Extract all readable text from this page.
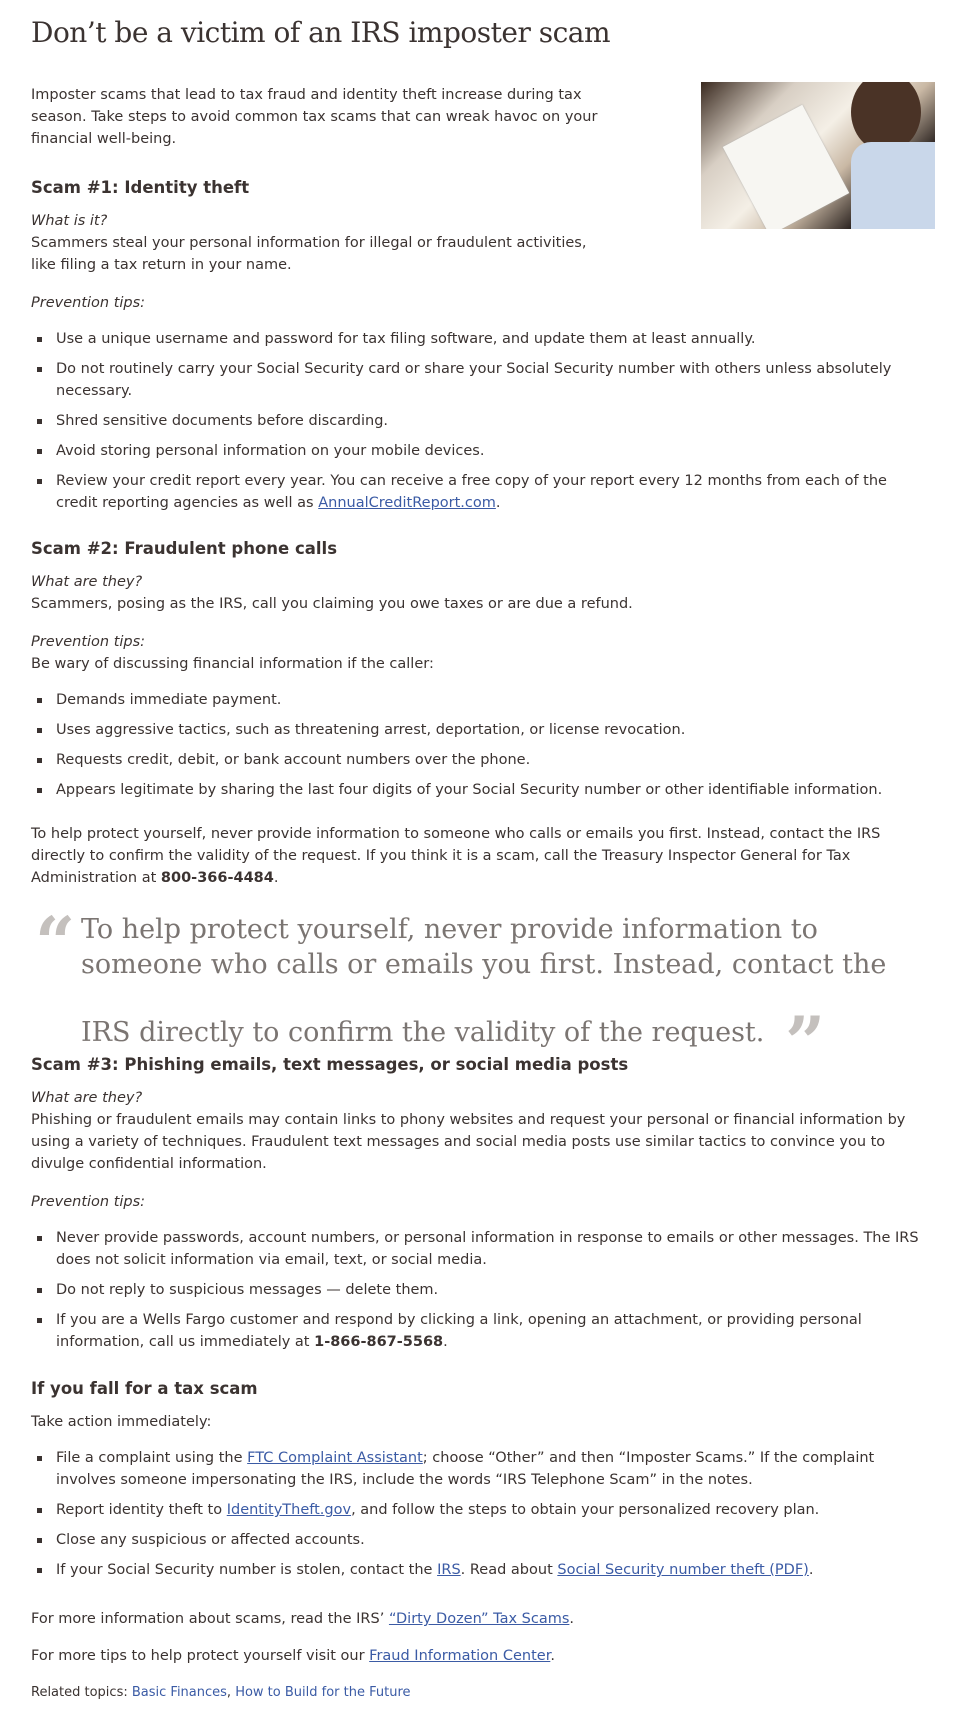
Don’t be a victim of an IRS imposter scam

Imposter scams that lead to tax fraud and identity theft increase during tax season. Take steps to avoid common tax scams that can wreak havoc on your financial well-being.

Scam #1: Identity theft

What is it?

Scammers steal your personal information for illegal or fraudulent activities, like filing a tax return in your name.

Prevention tips:

Use a unique username and password for tax filing software, and update them at least annually.
Do not routinely carry your Social Security card or share your Social Security number with others unless absolutely necessary.
Shred sensitive documents before discarding.
Avoid storing personal information on your mobile devices.
Review your credit report every year. You can receive a free copy of your report every 12 months from each of the credit reporting agencies as well as AnnualCreditReport.com.
Scam #2: Fraudulent phone calls

What are they?

Scammers, posing as the IRS, call you claiming you owe taxes or are due a refund.

Prevention tips:

Be wary of discussing financial information if the caller:

Demands immediate payment.
Uses aggressive tactics, such as threatening arrest, deportation, or license revocation.
Requests credit, debit, or bank account numbers over the phone.
Appears legitimate by sharing the last four digits of your Social Security number or other identifiable information.

To help protect yourself, never provide information to someone who calls or emails you first. Instead, contact the IRS directly to confirm the validity of the request. If you think it is a scam, call the Treasury Inspector General for Tax Administration at 800-366-4484.

“ To help protect yourself, never provide information to someone who calls or emails you first. Instead, contact the IRS directly to confirm the validity of the request. ”
Scam #3: Phishing emails, text messages, or social media posts

What are they?

Phishing or fraudulent emails may contain links to phony websites and request your personal or financial information by using a variety of techniques. Fraudulent text messages and social media posts use similar tactics to convince you to divulge confidential information.

Prevention tips:

Never provide passwords, account numbers, or personal information in response to emails or other messages. The IRS does not solicit information via email, text, or social media.
Do not reply to suspicious messages — delete them.
If you are a Wells Fargo customer and respond by clicking a link, opening an attachment, or providing personal information, call us immediately at 1-866-867-5568.
If you fall for a tax scam

Take action immediately:

File a complaint using the FTC Complaint Assistant; choose “Other” and then “Imposter Scams.” If the complaint involves someone impersonating the IRS, include the words “IRS Telephone Scam” in the notes.
Report identity theft to IdentityTheft.gov, and follow the steps to obtain your personalized recovery plan.
Close any suspicious or affected accounts.
If your Social Security number is stolen, contact the IRS. Read about Social Security number theft (PDF).

For more information about scams, read the IRS’ “Dirty Dozen” Tax Scams.

For more tips to help protect yourself visit our Fraud Information Center.

Related topics: Basic Finances, How to Build for the Future
